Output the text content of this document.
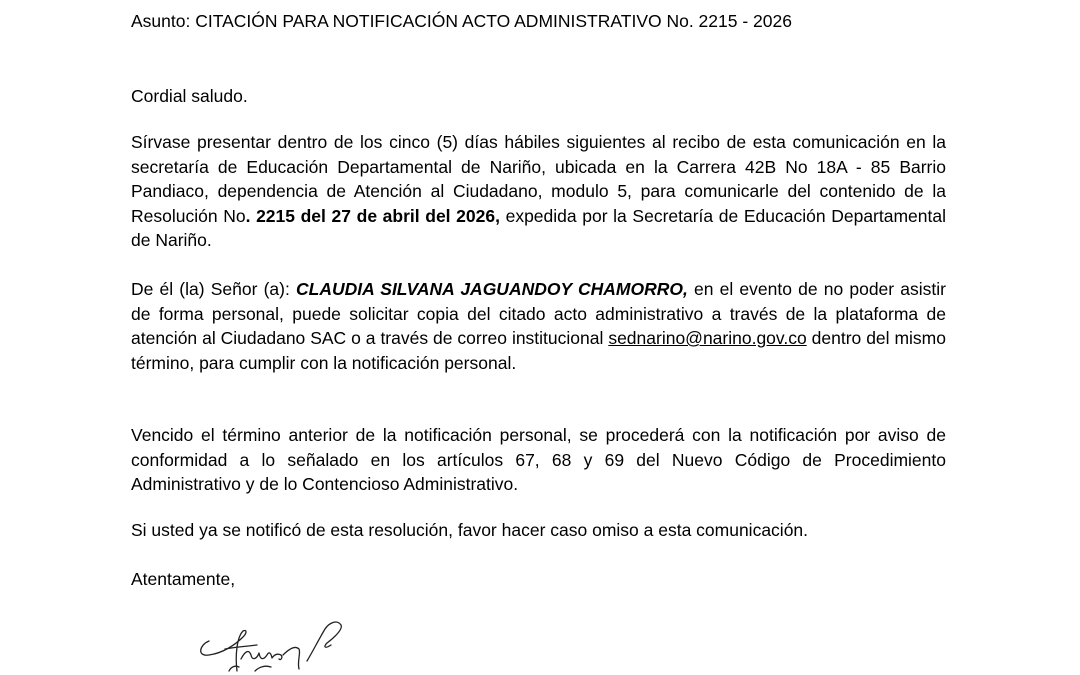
Asunto: CITACIÓN PARA NOTIFICACIÓN ACTO ADMINISTRATIVO No. 2215 - 2026

Cordial saludo.

Sírvase presentar dentro de los cinco (5) días hábiles siguientes al recibo de esta comunicación en la secretaría de Educación Departamental de Nariño, ubicada en la Carrera 42B No 18A - 85 Barrio Pandiaco, dependencia de Atención al Ciudadano, modulo 5, para comunicarle del contenido de la Resolución No. 2215 del 27 de abril del 2026, expedida por la Secretaría de Educación Departamental de Nariño.

De él (la) Señor (a): CLAUDIA SILVANA JAGUANDOY CHAMORRO, en el evento de no poder asistir de forma personal, puede solicitar copia del citado acto administrativo a través de la plataforma de atención al Ciudadano SAC o a través de correo institucional sednarino@narino.gov.co dentro del mismo término, para cumplir con la notificación personal.

Vencido el término anterior de la notificación personal, se procederá con la notificación por aviso de conformidad a lo señalado en los artículos 67, 68 y 69 del Nuevo Código de Procedimiento Administrativo y de lo Contencioso Administrativo.

Si usted ya se notificó de esta resolución, favor hacer caso omiso a esta comunicación.

Atentamente,
